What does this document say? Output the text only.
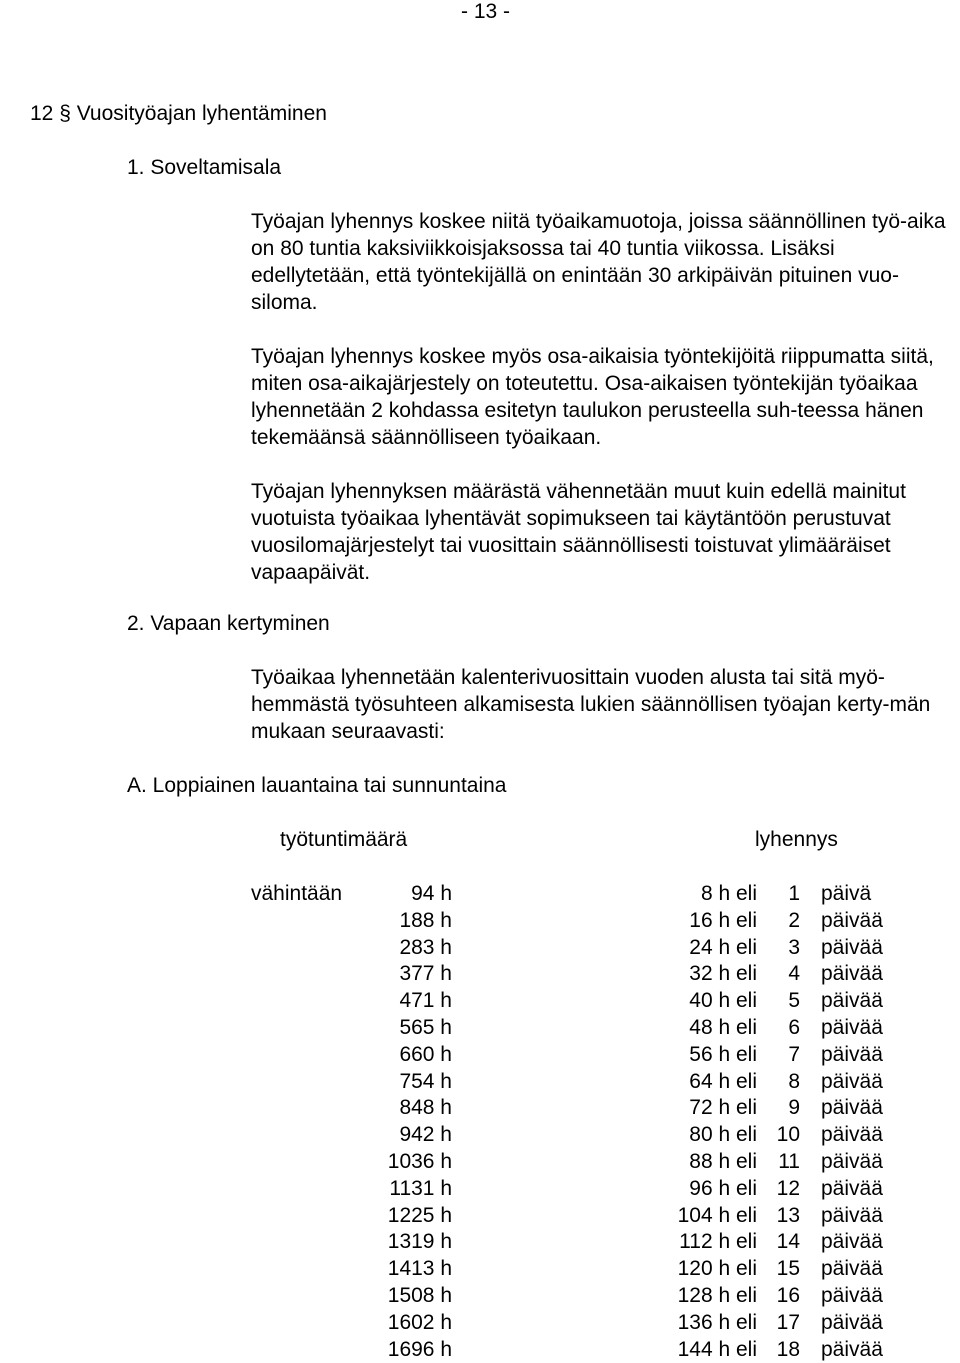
- 13 -
12 § Vuosityöajan lyhentäminen
1. Soveltamisala

Työajan lyhennys koskee niitä työaikamuotoja, joissa säännöllinen työ-aika on 80 tuntia kaksiviikkoisjaksossa tai 40 tuntia viikossa. Lisäksi edellytetään, että työntekijällä on enintään 30 arkipäivän pituinen vuo-siloma.

Työajan lyhennys koskee myös osa-aikaisia työntekijöitä riippumatta siitä, miten osa-aikajärjestely on toteutettu. Osa-aikaisen työntekijän työaikaa lyhennetään 2 kohdassa esitetyn taulukon perusteella suh-teessa hänen tekemäänsä säännölliseen työaikaan.

Työajan lyhennyksen määrästä vähennetään muut kuin edellä mainitut vuotuista työaikaa lyhentävät sopimukseen tai käytäntöön perustuvat vuosilomajärjestelyt tai vuosittain säännöllisesti toistuvat ylimääräiset vapaapäivät.

2. Vapaan kertyminen

Työaikaa lyhennetään kalenterivuosittain vuoden alusta tai sitä myö-hemmästä työsuhteen alkamisesta lukien säännöllisen työajan kerty-män mukaan seuraavasti:

A. Loppiainen lauantaina tai sunnuntaina
työtuntimäärä	lyhennys
vähintään	94 h	8 h eli 1 päivä
188 h	16 h eli 2 päivää
283 h	24 h eli 3 päivää
377 h	32 h eli 4 päivää
471 h	40 h eli 5 päivää
565 h	48 h eli 6 päivää
660 h	56 h eli 7 päivää
754 h	64 h eli 8 päivää
848 h	72 h eli 9 päivää
942 h	80 h eli 10 päivää
1036 h	88 h eli 11 päivää
1131 h	96 h eli 12 päivää
1225 h	104 h eli 13 päivää
1319 h	112 h eli 14 päivää
1413 h	120 h eli 15 päivää
1508 h	128 h eli 16 päivää
1602 h	136 h eli 17 päivää
1696 h	144 h eli 18 päivää
